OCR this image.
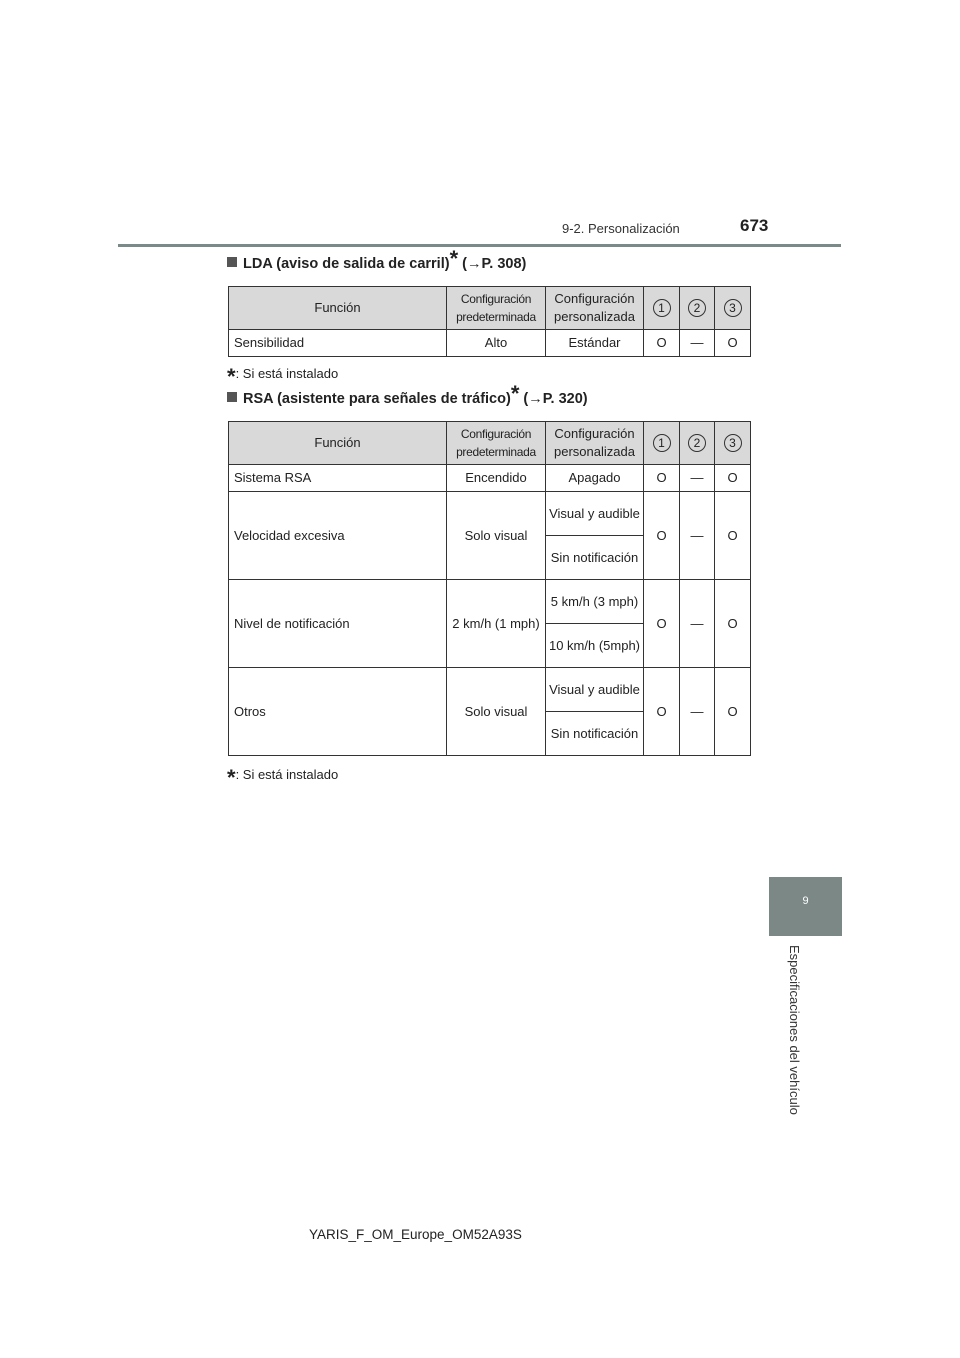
9-2. Personalización	673
LDA (aviso de salida de carril)* (→P. 308)
Función	Configuración predeterminada	Configuración personalizada	1	2	3
Sensibilidad	Alto	Estándar	O	—	O
*: Si está instalado
RSA (asistente para señales de tráfico)* (→P. 320)
Función	Configuración predeterminada	Configuración personalizada	1	2	3
Sistema RSA	Encendido	Apagado	O	—	O
Velocidad excesiva	Solo visual	Visual y audible	O	—	O
		Sin notificación			
Nivel de notificación	2 km/h (1 mph)	5 km/h (3 mph)	O	—	O
		10 km/h (5mph)			
Otros	Solo visual	Visual y audible	O	—	O
		Sin notificación			
*: Si está instalado
9
Especificaciones del vehículo
YARIS_F_OM_Europe_OM52A93S
